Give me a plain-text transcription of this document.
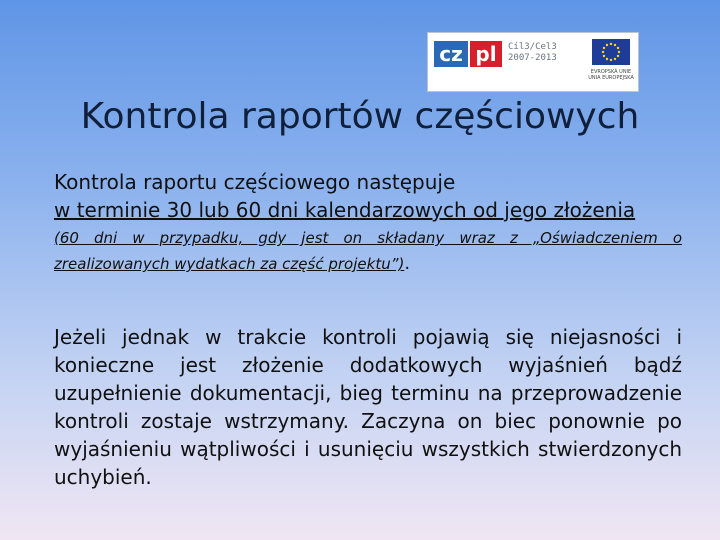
cz pl	Cíl3/Cel3
2007-2013
EVROPSKÁ UNIE
UNIA EUROPEJSKA
Kontrola raportów częściowych

Kontrola raportu częściowego następuje
w terminie 30 lub 60 dni kalendarzowych od jego złożenia

(60 dni w przypadku, gdy jest on składany wraz z „Oświadczeniem o zrealizowanych wydatkach za część projektu”).

Jeżeli jednak w trakcie kontroli pojawią się niejasności i konieczne jest złożenie dodatkowych wyjaśnień bądź uzupełnienie dokumentacji, bieg terminu na przeprowadzenie kontroli zostaje wstrzymany. Zaczyna on biec ponownie po wyjaśnieniu wątpliwości i usunięciu wszystkich stwierdzonych uchybień.
